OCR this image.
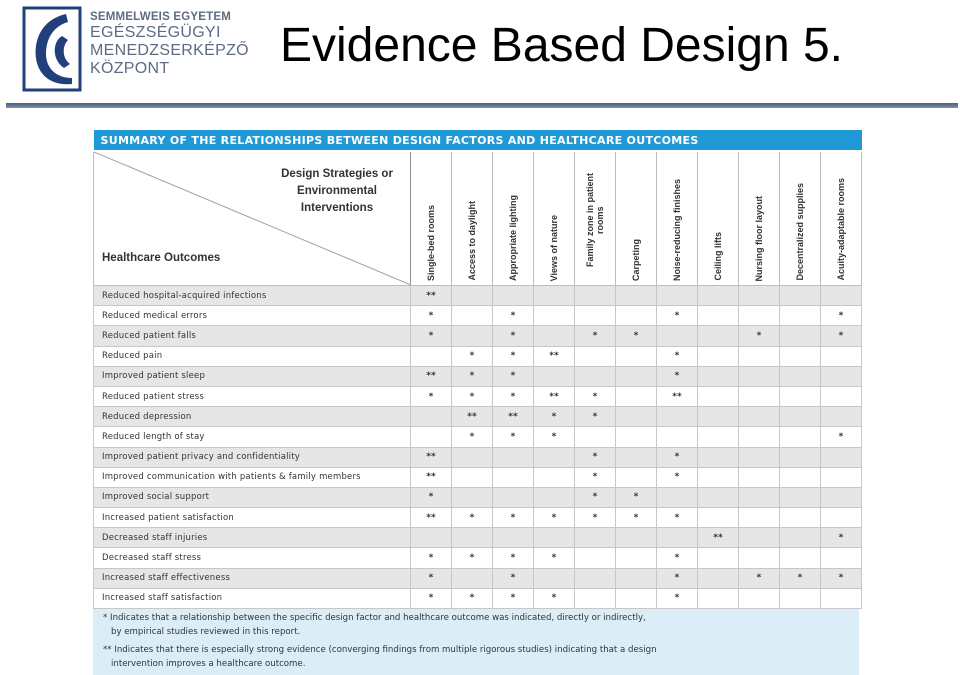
SEMMELWEIS EGYETEM
EGÉSZSÉGÜGYI
MENEDZSERKÉPZŐ
KÖZPONT	Evidence Based Design 5.
SUMMARY OF THE RELATIONSHIPS BETWEEN DESIGN FACTORS AND HEALTHCARE OUTCOMES											

Design Strategies or Environmental Interventions
Healthcare Outcomes	Single-bed rooms	Access to daylight	Appropriate lighting	Views of nature	Family zone in patient rooms	Carpeting	Noise-reducing finishes	Ceiling lifts	Nursing floor layout	Decentralized supplies	Acuity-adaptable rooms

Reduced hospital-acquired infections	**										
Reduced medical errors	*		*				*				*
Reduced patient falls	*		*		*	*			*		*
Reduced pain		*	*	**			*				
Improved patient sleep	**	*	*				*				
Reduced patient stress	*	*	*	**	*		**				
Reduced depression		**	**	*	*						
Reduced length of stay		*	*	*							*
Improved patient privacy and confidentiality	**				*		*				
Improved communication with patients & family members	**				*		*				
Improved social support	*				*	*					
Increased patient satisfaction	**	*	*	*	*	*	*				
Decreased staff injuries								**			*
Decreased staff stress	*	*	*	*			*				
Increased staff effectiveness	*		*				*		*	*	*
Increased staff satisfaction	*	*	*	*			*				
* Indicates that a relationship between the specific design factor and healthcare outcome was indicated, directly or indirectly,
by empirical studies reviewed in this report.
** Indicates that there is especially strong evidence (converging findings from multiple rigorous studies) indicating that a design
intervention improves a healthcare outcome.
